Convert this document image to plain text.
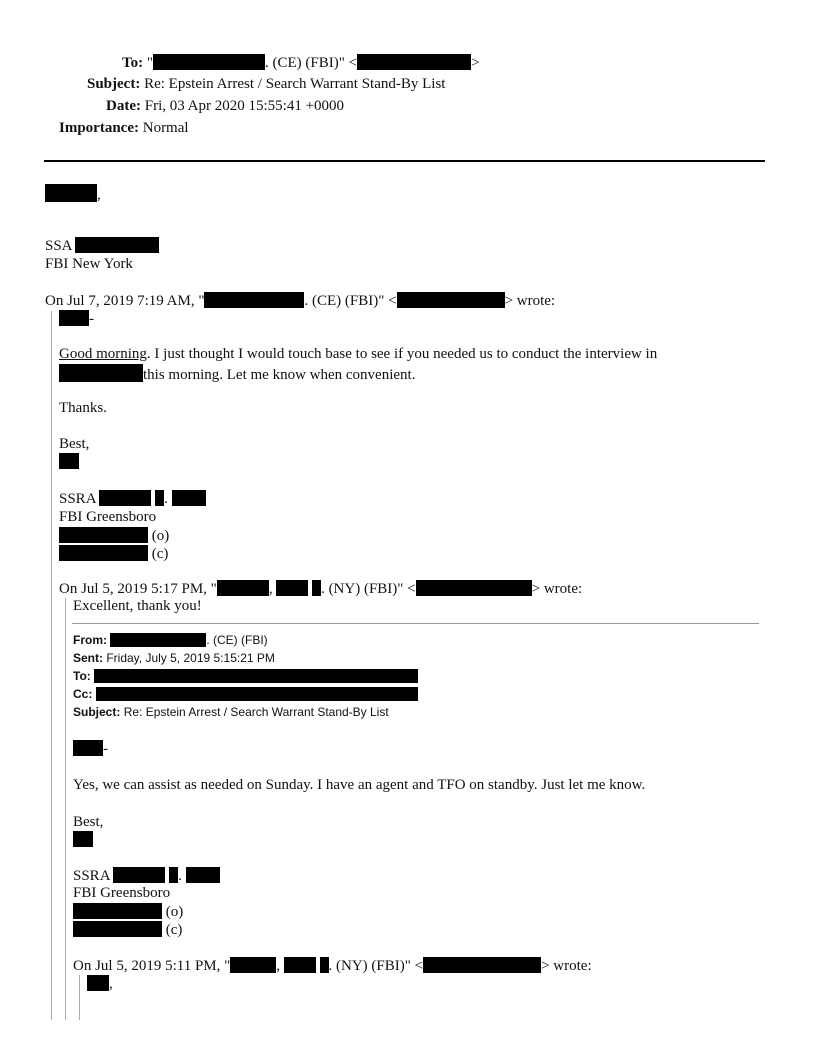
To: "	. (CE) (FBI)" <	>
Subject: Re: Epstein Arrest / Search Warrant Stand-By List
Date: Fri, 03 Apr 2020 15:55:41 +0000
Importance: Normal
,
SSA
FBI New York
On Jul 7, 2019 7:19 AM, "	. (CE) (FBI)" <	> wrote:
-
Good morning. I just thought I would touch base to see if you needed us to conduct the interview in
this morning. Let me know when convenient.
Thanks.
Best,
SSRA	.
FBI Greensboro
(o)
(c)
On Jul 5, 2019 5:17 PM, "	,	. (NY) (FBI)" <	> wrote:
Excellent, thank you!
From:	. (CE) (FBI)
Sent: Friday, July 5, 2019 5:15:21 PM
To:
Cc:
Subject: Re: Epstein Arrest / Search Warrant Stand-By List
-
Yes, we can assist as needed on Sunday. I have an agent and TFO on standby. Just let me know.
Best,
SSRA	.
FBI Greensboro
(o)
(c)
On Jul 5, 2019 5:11 PM, "	,	. (NY) (FBI)" <	> wrote:
,
